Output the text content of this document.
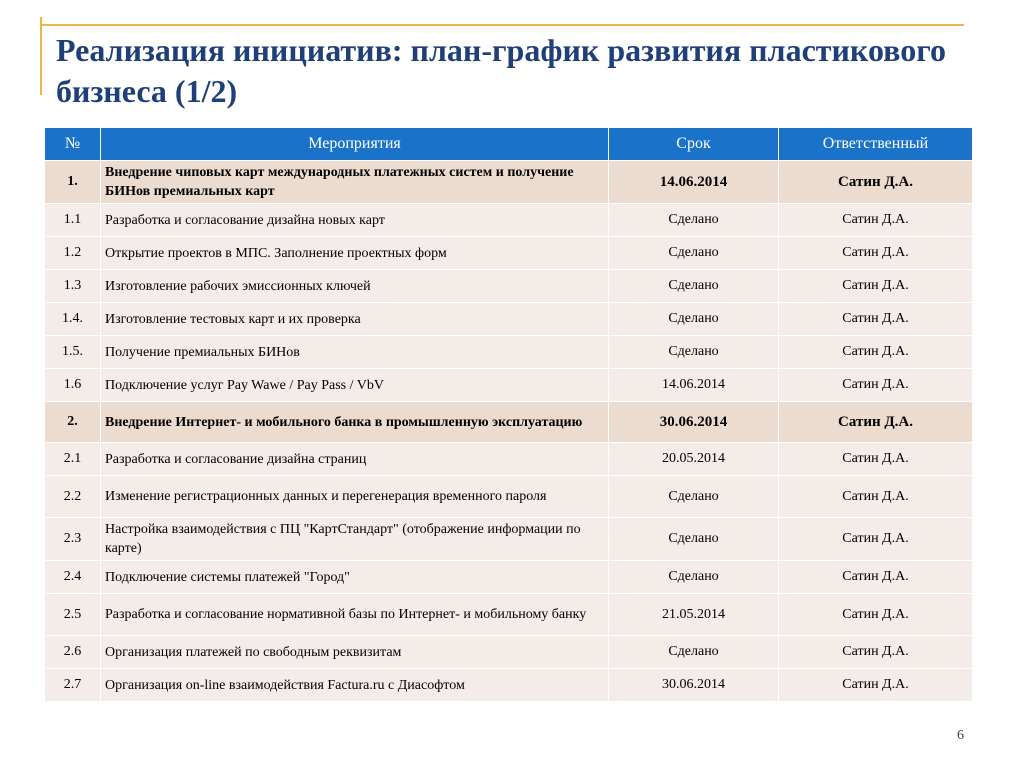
Реализация инициатив: план-график развития пластикового бизнеса (1/2)
№	Мероприятия	Срок	Ответственный
1.	Внедрение чиповых карт международных платежных систем и получение БИНов премиальных карт	14.06.2014	Сатин Д.А.
1.1	Разработка и согласование дизайна новых карт	Сделано	Сатин Д.А.
1.2	Открытие проектов в МПС. Заполнение проектных форм	Сделано	Сатин Д.А.
1.3	Изготовление рабочих эмиссионных ключей	Сделано	Сатин Д.А.
1.4.	Изготовление тестовых карт и их проверка	Сделано	Сатин Д.А.
1.5.	Получение премиальных БИНов	Сделано	Сатин Д.А.
1.6	Подключение услуг Pay Wawe / Pay Pass / VbV	14.06.2014	Сатин Д.А.
2.	Внедрение Интернет- и мобильного банка в промышленную эксплуатацию	30.06.2014	Сатин Д.А.
2.1	Разработка и согласование дизайна страниц	20.05.2014	Сатин Д.А.
2.2	Изменение регистрационных данных и перегенерация временного пароля	Сделано	Сатин Д.А.
2.3	Настройка взаимодействия с ПЦ "КартСтандарт" (отображение информации по карте)	Сделано	Сатин Д.А.
2.4	Подключение системы платежей "Город"	Сделано	Сатин Д.А.
2.5	Разработка и согласование нормативной базы по Интернет- и мобильному банку	21.05.2014	Сатин Д.А.
2.6	Организация платежей по свободным реквизитам	Сделано	Сатин Д.А.
2.7	Организация on-line взаимодействия Factura.ru с Диасофтом	30.06.2014	Сатин Д.А.
6
